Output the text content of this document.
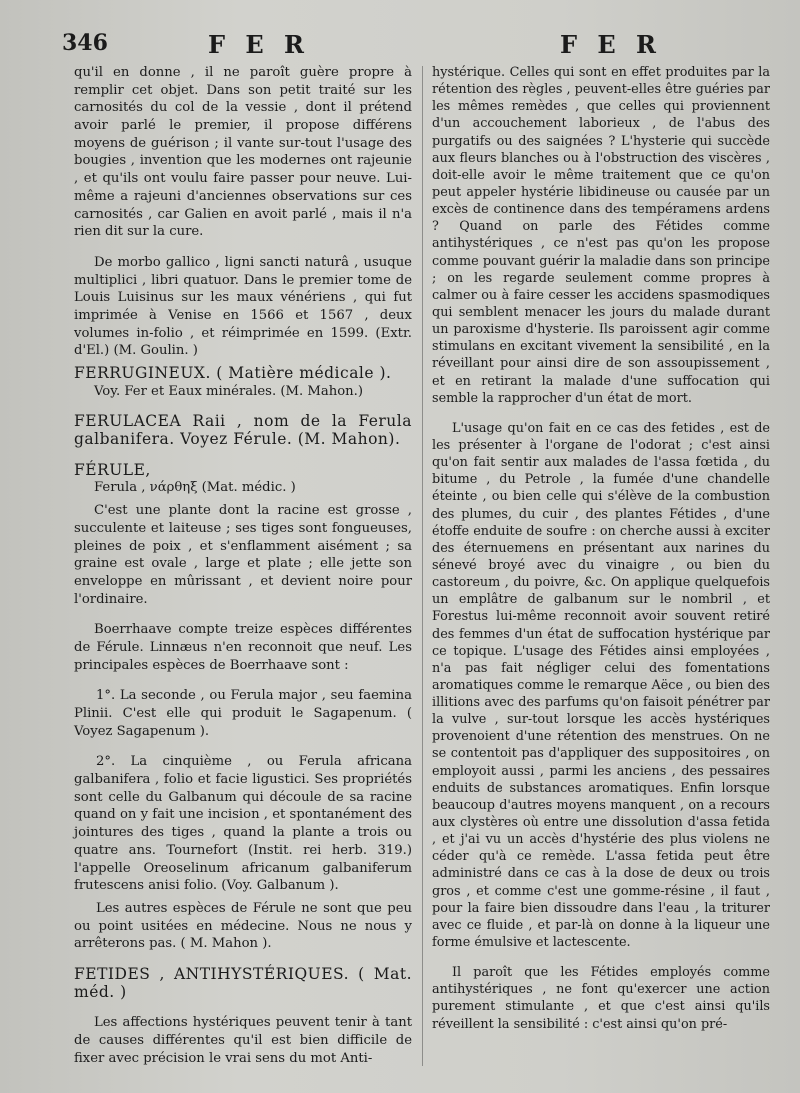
346	F E R	F E R

qu'il en donne , il ne paroît guère propre à remplir cet objet. Dans son petit traité sur les carnosités du col de la vessie , dont il prétend avoir parlé le premier, il propose différens moyens de guérison ; il vante sur-tout l'usage des bougies , invention que les modernes ont rajeunie , et qu'ils ont voulu faire passer pour neuve. Lui-même a rajeuni d'anciennes observations sur ces carnosités , car Galien en avoit parlé , mais il n'a rien dit sur la cure.

De morbo gallico , ligni sancti naturâ , usuque multiplici , libri quatuor. Dans le premier tome de Louis Luisinus sur les maux vénériens , qui fut imprimée à Venise en 1566 et 1567 , deux volumes in-folio , et réimprimée en 1599. (Extr. d'El.) (M. Goulin. )

FERRUGINEUX. ( Matière médicale ).

Voy. Fer et Eaux minérales. (M. Mahon.)

FERULACEA Raii , nom de la Ferula galbanifera. Voyez Férule. (M. Mahon).

FÉRULE,

Ferula , νάρθηξ (Mat. médic. )

C'est une plante dont la racine est grosse , succulente et laiteuse ; ses tiges sont fongueuses, pleines de poix , et s'enflamment aisément ; sa graine est ovale , large et plate ; elle jette son enveloppe en mûrissant , et devient noire pour l'ordinaire.

Boerrhaave compte treize espèces différentes de Férule. Linnæus n'en reconnoit que neuf. Les principales espèces de Boerrhaave sont :

1°. La seconde , ou Ferula major , seu faemina Plinii. C'est elle qui produit le Sagapenum. ( Voyez Sagapenum ).

2°. La cinquième , ou Ferula africana galbanifera , folio et facie ligustici. Ses propriétés sont celle du Galbanum qui découle de sa racine quand on y fait une incision , et spontanément des jointures des tiges , quand la plante a trois ou quatre ans. Tournefort (Instit. rei herb. 319.) l'appelle Oreoselinum africanum galbaniferum frutescens anisi folio. (Voy. Galbanum ).

Les autres espèces de Férule ne sont que peu ou point usitées en médecine. Nous ne nous y arrêterons pas. ( M. Mahon ).

FETIDES , ANTIHYSTÉRIQUES. ( Mat. méd. )

Les affections hystériques peuvent tenir à tant de causes différentes qu'il est bien difficile de fixer avec précision le vrai sens du mot Anti-

hystérique. Celles qui sont en effet produites par la rétention des règles , peuvent-elles être guéries par les mêmes remèdes , que celles qui proviennent d'un accouchement laborieux , de l'abus des purgatifs ou des saignées ? L'hysterie qui succède aux fleurs blanches ou à l'obstruction des viscères , doit-elle avoir le même traitement que ce qu'on peut appeler hystérie libidineuse ou causée par un excès de continence dans des tempéramens ardens ? Quand on parle des Fétides comme antihystériques , ce n'est pas qu'on les propose comme pouvant guérir la maladie dans son principe ; on les regarde seulement comme propres à calmer ou à faire cesser les accidens spasmodiques qui semblent menacer les jours du malade durant un paroxisme d'hysterie. Ils paroissent agir comme stimulans en excitant vivement la sensibilité , en la réveillant pour ainsi dire de son assoupissement , et en retirant la malade d'une suffocation qui semble la rapprocher d'un état de mort.

L'usage qu'on fait en ce cas des fetides , est de les présenter à l'organe de l'odorat ; c'est ainsi qu'on fait sentir aux malades de l'assa fœtida , du bitume , du Petrole , la fumée d'une chandelle éteinte , ou bien celle qui s'élève de la combustion des plumes, du cuir , des plantes Fétides , d'une étoffe enduite de soufre : on cherche aussi à exciter des éternuemens en présentant aux narines du sénevé broyé avec du vinaigre , ou bien du castoreum , du poivre, &c. On applique quelquefois un emplâtre de galbanum sur le nombril , et Forestus lui-même reconnoit avoir souvent retiré des femmes d'un état de suffocation hystérique par ce topique. L'usage des Fétides ainsi employées , n'a pas fait négliger celui des fomentations aromatiques comme le remarque Aëce , ou bien des illitions avec des parfums qu'on faisoit pénétrer par la vulve , sur-tout lorsque les accès hystériques provenoient d'une rétention des menstrues. On ne se contentoit pas d'appliquer des suppositoires , on employoit aussi , parmi les anciens , des pessaires enduits de substances aromatiques. Enfin lorsque beaucoup d'autres moyens manquent , on a recours aux clystères où entre une dissolution d'assa fetida , et j'ai vu un accès d'hystérie des plus violens ne céder qu'à ce remède. L'assa fetida peut être administré dans ce cas à la dose de deux ou trois gros , et comme c'est une gomme-résine , il faut , pour la faire bien dissoudre dans l'eau , la triturer avec ce fluide , et par-là on donne à la liqueur une forme émulsive et lactescente.

Il paroît que les Fétides employés comme antihystériques , ne font qu'exercer une action purement stimulante , et que c'est ainsi qu'ils réveillent la sensibilité : c'est ainsi qu'on pré-
